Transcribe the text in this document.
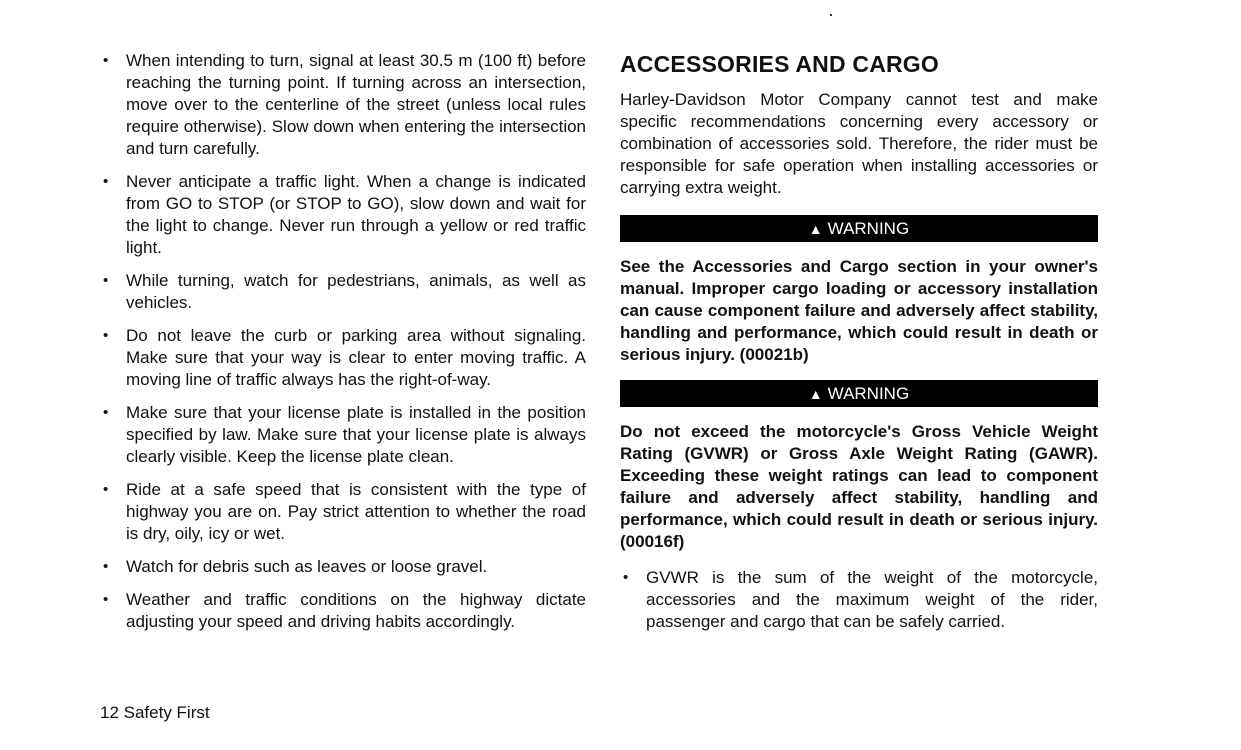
• When intending to turn, signal at least 30.5 m (100 ft) before reaching the turning point. If turning across an intersection, move over to the centerline of the street (unless local rules require otherwise). Slow down when entering the intersection and turn carefully.
• Never anticipate a traffic light. When a change is indicated from GO to STOP (or STOP to GO), slow down and wait for the light to change. Never run through a yellow or red traffic light.
• While turning, watch for pedestrians, animals, as well as vehicles.
• Do not leave the curb or parking area without signaling. Make sure that your way is clear to enter moving traffic. A moving line of traffic always has the right-of-way.
• Make sure that your license plate is installed in the position specified by law. Make sure that your license plate is always clearly visible. Keep the license plate clean.
• Ride at a safe speed that is consistent with the type of highway you are on. Pay strict attention to whether the road is dry, oily, icy or wet.
• Watch for debris such as leaves or loose gravel.
• Weather and traffic conditions on the highway dictate adjusting your speed and driving habits accordingly.
ACCESSORIES AND CARGO

Harley-Davidson Motor Company cannot test and make specific recommendations concerning every accessory or combination of accessories sold. Therefore, the rider must be responsible for safe operation when installing accessories or carrying extra weight.

▲ WARNING

See the Accessories and Cargo section in your owner's manual. Improper cargo loading or accessory installation can cause component failure and adversely affect stability, handling and performance, which could result in death or serious injury. (00021b)

▲ WARNING

Do not exceed the motorcycle's Gross Vehicle Weight Rating (GVWR) or Gross Axle Weight Rating (GAWR). Exceeding these weight ratings can lead to component failure and adversely affect stability, handling and performance, which could result in death or serious injury. (00016f)

• GVWR is the sum of the weight of the motorcycle, accessories and the maximum weight of the rider, passenger and cargo that can be safely carried.
12 Safety First
